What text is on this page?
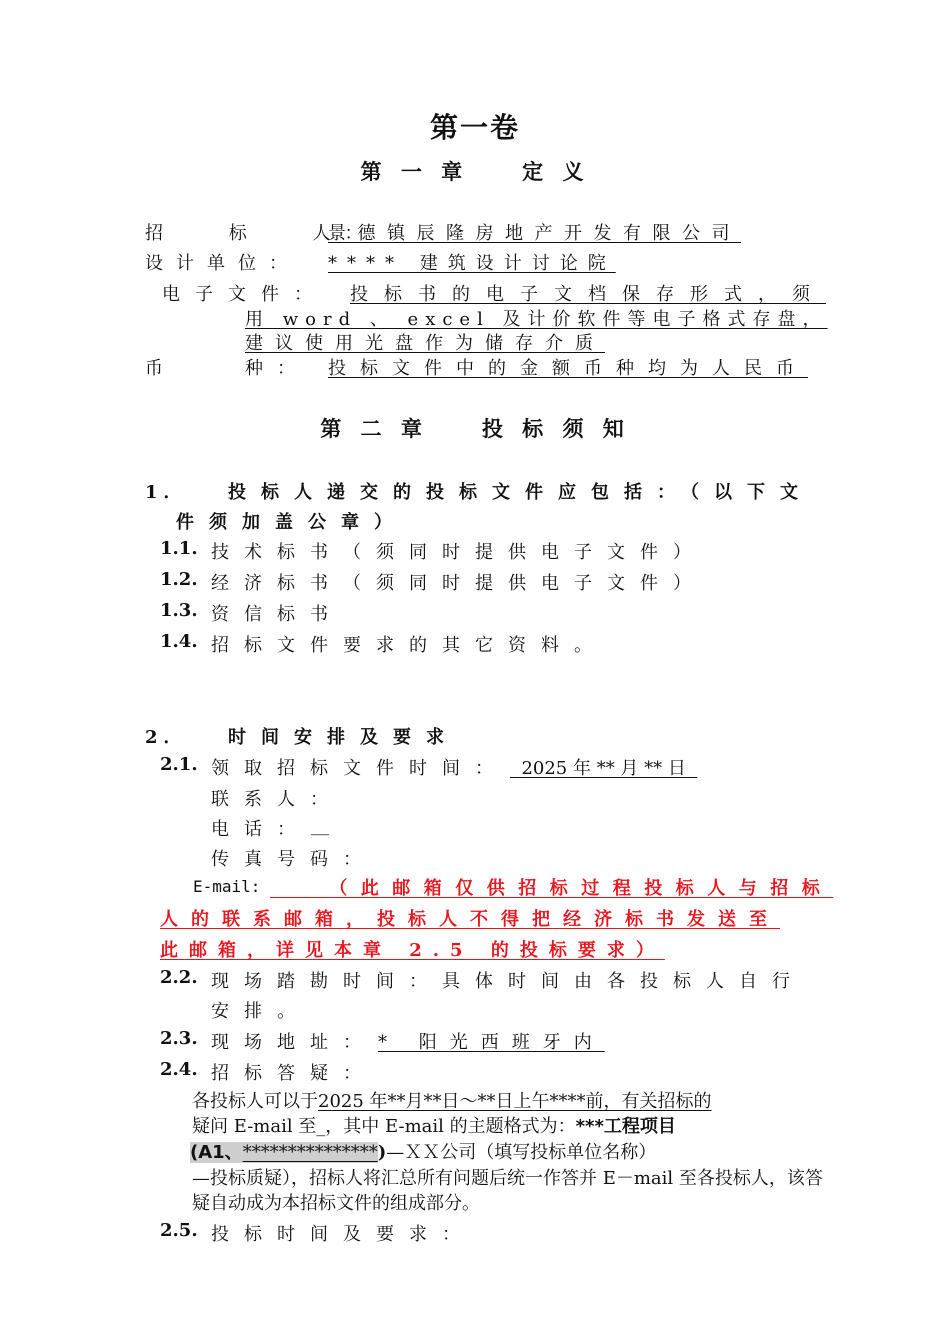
第一卷
第 一 章　　定 义
招　 标　 人：
景德镇辰隆房地产开发有限公司
设计单位： **** 建筑设计讨论院
电子文件： 投标书的电子文档保存形式，须
用 word 、 excel 及计价软件等电子格式存盘，
建议使用光盘作为储存介质
币	种： 投标文件中的金额币种均为人民币
第 二 章　　投 标 须 知
1． 投标人递交的投标文件应包括：（以下文
件须加盖公章）
1.1. 技术标书（须同时提供电子文件）
1.2. 经济标书（须同时提供电子文件）
1.3. 资信标书
1.4. 招标文件要求的其它资料。
2． 时间安排及要求
2.1. 领取招标文件时间： 2025 年 ** 月 ** 日
联系人：
电话： __
传真号码：
E-mail:	（此邮箱仅供招标过程投标人与招标
人的联系邮箱，投标人不得把经济标书发送至
此邮箱，详见本章 2.5 的投标要求）
2.2. 现场踏勘时间：具体时间由各投标人自行
安排。
2.3. 现场地址： * 阳光西班牙内
2.4. 招标答疑：
各投标人可以于2025 年**月**日～**日上午****前，有关招标的
疑问 E-mail 至_，其中 E-mail 的主题格式为：***工程项目
(A1、***************)—ＸＸ公司（填写投标单位名称）
—投标质疑），招标人将汇总所有问题后统一作答并 E－mail 至各投标人，该答
疑自动成为本招标文件的组成部分。
2.5. 投标时间及要求：
